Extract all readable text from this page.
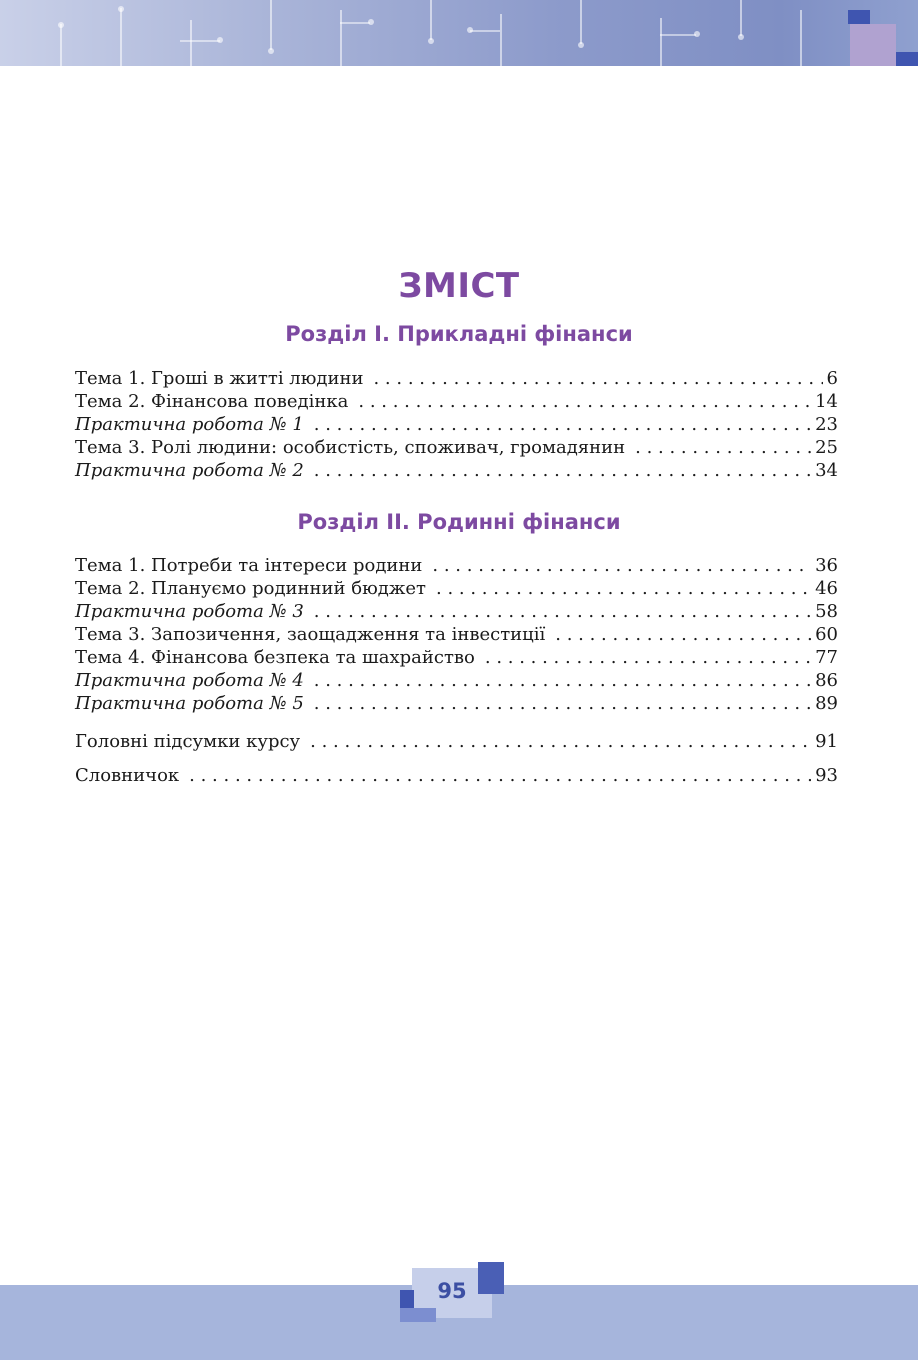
ЗМІСТ
Розділ І. Прикладні фінанси
Тема 1. Гроші в житті людини . . .	6
Тема 2. Фінансова поведінка . . .	14
Практична робота № 1 . . .	23
Тема 3. Ролі людини: особистість, споживач, громадянин . . .	25
Практична робота № 2 . . .	34
Розділ ІІ. Родинні фінанси
Тема 1. Потреби та інтереси родини . . .	36
Тема 2. Плануємо родинний бюджет . . .	46
Практична робота № 3 . . .	58
Тема 3. Запозичення, заощадження та інвестиції . . .	60
Тема 4. Фінансова безпека та шахрайство . . .	77
Практична робота № 4 . . .	86
Практична робота № 5 . . .	89
Головні підсумки курсу . . .	91
Словничок . . .	93
95
